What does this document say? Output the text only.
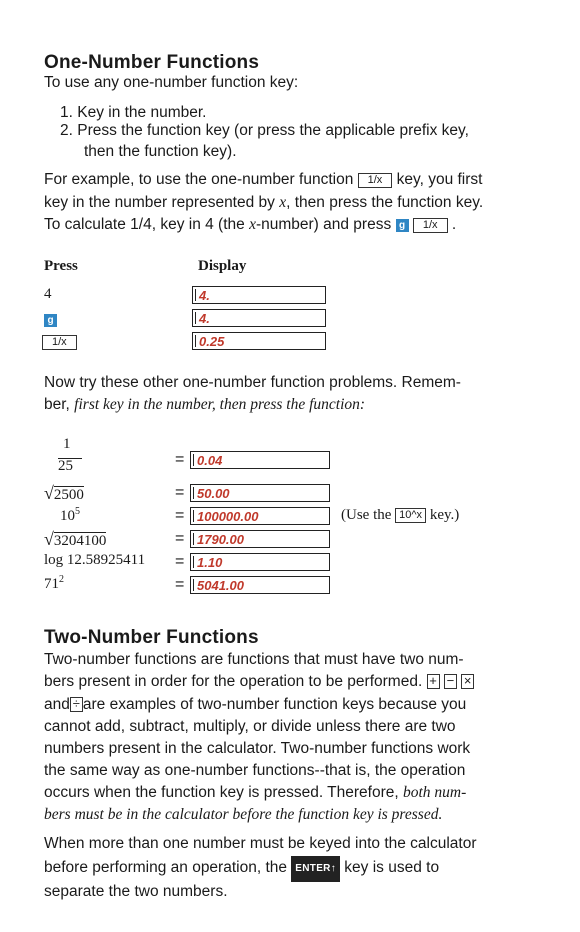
One-Number Functions
To use any one-number function key:
1. Key in the number.
2. Press the function key (or press the applicable prefix key,
then the function key).
For example, to use the one-number function 1/x key, you first
key in the number represented by x, then press the function key.
To calculate 1/4, key in 4 (the x-number) and press g 1/x .
Press	Display
4	4.
g	4.
1/x	0.25
Now try these other one-number function problems. Remem-
ber, first key in the number, then press the function:
1
25	= 0.04
√2500	= 50.00
$10^5$	= 100000.00	(Use the 10^x key.)
√3204100	= 1790.00
log 12.58925411 = 1.10
$71^2$	= 5041.00
Two-Number Functions
Two-number functions are functions that must have two num-
bers present in order for the operation to be performed. + − ×
and ÷ are examples of two-number function keys because you
cannot add, subtract, multiply, or divide unless there are two
numbers present in the calculator. Two-number functions work
the same way as one-number functions--that is, the operation
occurs when the function key is pressed. Therefore, both num-
bers must be in the calculator before the function key is pressed.
When more than one number must be keyed into the calculator
before performing an operation, the ENTER↑ key is used to
separate the two numbers.
